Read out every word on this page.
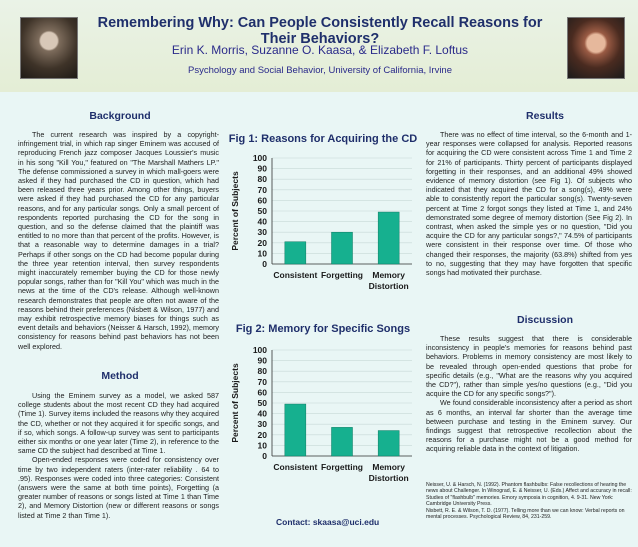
Remembering Why: Can People Consistently Recall Reasons for Their Behaviors?
Erin K. Morris, Suzanne O. Kaasa, & Elizabeth F. Loftus
Psychology and Social Behavior, University of California, Irvine
Background

The current research was inspired by a copyright-infringement trial, in which rap singer Eminem was accused of reproducing French jazz composer Jacques Loussier's music in his song "Kill You," featured on "The Marshall Mathers LP." The defense commissioned a survey in which mall-goers were asked if they had purchased the CD in question, which had been released three years prior. Among other things, buyers were asked if they had purchased the CD for any particular reasons, and for any particular songs. Only a small percent of respondents reported purchasing the CD for the song in question, and so the defense claimed that the plaintiff was entitled to no more than that percent of the profits. However, is that a reasonable way to determine damages in a trial? Perhaps if other songs on the CD had become popular during the three year retention interval, then survey respondents might inaccurately remember buying the CD for those newly popular songs, rather than for "Kill You" which was much in the news at the time of the CD's release. Although well-known research demonstrates that people are often not aware of the reasons behind their preferences (Nisbett & Wilson, 1977) and may exhibit retrospective memory biases for things such as event details and behaviors (Neisser & Harsch, 1992), memory consistency for reasons behind past behaviors has not been well explored.

Method

Using the Eminem survey as a model, we asked 587 college students about the most recent CD they had acquired (Time 1). Survey items included the reasons why they acquired the CD, whether or not they acquired it for specific songs, and if so, which songs. A follow-up survey was sent to participants either six months or one year later (Time 2), in reference to the same CD the subject had described at Time 1.

Open-ended responses were coded for consistency over time by two independent raters (inter-rater reliability . 64 to .95). Responses were coded into three categories: Consistent (answers were the same at both time points), Forgetting (a greater number of reasons or songs listed at Time 1 than Time 2), and Memory Distortion (new or different reasons or songs listed at Time 2 than Time 1).

Fig 1: Reasons for Acquiring the CD
0
10
20
30
40
50
60
70
80
90
100
Percent of Subjects
Consistent Forgetting Memory
Distortion
Fig 2: Memory for Specific Songs
0
10
20
30
40
50
60
70
80
90
100
Percent of Subjects
Consistent Forgetting Memory
Distortion
Contact: skaasa@uci.edu
Results

There was no effect of time interval, so the 6-month and 1-year responses were collapsed for analysis. Reported reasons for acquiring the CD were consistent across Time 1 and Time 2 for 21% of participants. Thirty percent of participants displayed forgetting in their responses, and an additional 49% showed evidence of memory distortion (see Fig 1). Of subjects who indicated that they acquired the CD for a song(s), 49% were able to consistently report the particular song(s). Twenty-seven percent at Time 2 forgot songs they listed at Time 1, and 24% demonstrated some degree of memory distortion (See Fig 2). In contrast, when asked the simple yes or no question, "Did you acquire the CD for any particular songs?," 74.5% of participants were consistent in their response over time. Of those who changed their responses, the majority (63.8%) shifted from yes to no, suggesting that they may have forgotten that specific songs had motivated their purchase.

Discussion

These results suggest that there is considerable inconsistency in people's memories for reasons behind past behaviors. Problems in memory consistency are most likely to be revealed through open-ended questions that probe for specific details (e.g., "What are the reasons why you acquired the CD?"), rather than simple yes/no questions (e.g., "Did you acquire the CD for any specific songs?").

We found considerable inconsistency after a period as short as 6 months, an interval far shorter than the average time between purchase and testing in the Eminem survey. Our findings suggest that retrospective recollection about the reasons for a purchase might not be a good method for acquiring reliable data in the context of litigation.

Neisser, U. & Harsch, N. (1992). Phantom flashbulbs: False recollections of hearing the news about Challenger. In Winograd, E. & Neisser, U. (Eds.) Affect and accuracy in recall: Studies of "flashbulb" memories. Emory symposia in cognition, 4. 9-31. New York: Cambridge University Press.
Nisbett, R. E. & Wilson, T. D. (1977). Telling more than we can know: Verbal reports on mental processes. Psychological Review, 84, 231-259.
